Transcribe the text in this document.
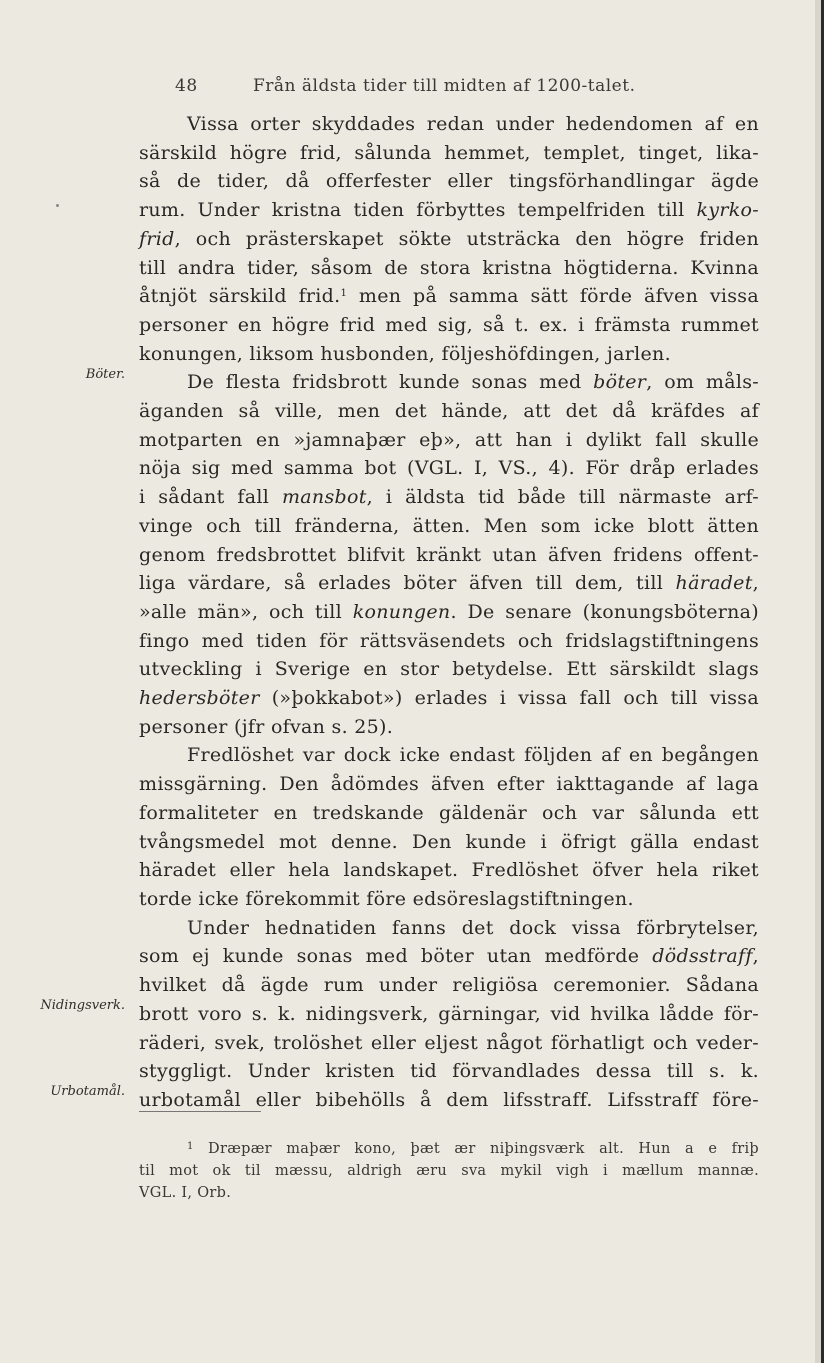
48	Från äldsta tider till midten af 1200-talet.
Böter.
Nidingsverk.
Urbotamål.
Vissa orter skyddades redan under hedendomen af en
särskild högre frid, sålunda hemmet, templet, tinget, lika-
så de tider, då offerfester eller tingsförhandlingar ägde
rum. Under kristna tiden förbyttes tempelfriden till kyrko-
frid, och prästerskapet sökte utsträcka den högre friden
till andra tider, såsom de stora kristna högtiderna. Kvinna
åtnjöt särskild frid.$^1$ men på samma sätt förde äfven vissa
personer en högre frid med sig, så t. ex. i främsta rummet
konungen, liksom husbonden, följeshöfdingen, jarlen.
De flesta fridsbrott kunde sonas med böter, om måls-
äganden så ville, men det hände, att det då kräfdes af
motparten en »jamnaþær eþ», att han i dylikt fall skulle
nöja sig med samma bot (VGL. I, VS., 4). För dråp erlades
i sådant fall mansbot, i äldsta tid både till närmaste arf-
vinge och till fränderna, ätten. Men som icke blott ätten
genom fredsbrottet blifvit kränkt utan äfven fridens offent-
liga värdare, så erlades böter äfven till dem, till häradet,
»alle män», och till konungen. De senare (konungsböterna)
fingo med tiden för rättsväsendets och fridslagstiftningens
utveckling i Sverige en stor betydelse. Ett särskildt slags
hedersböter (»þokkabot») erlades i vissa fall och till vissa
personer (jfr ofvan s. 25).
Fredlöshet var dock icke endast följden af en begången
missgärning. Den ådömdes äfven efter iakttagande af laga
formaliteter en tredskande gäldenär och var sålunda ett
tvångsmedel mot denne. Den kunde i öfrigt gälla endast
häradet eller hela landskapet. Fredlöshet öfver hela riket
torde icke förekommit före edsöreslagstiftningen.
Under hednatiden fanns det dock vissa förbrytelser,
som ej kunde sonas med böter utan medförde dödsstraff,
hvilket då ägde rum under religiösa ceremonier. Sådana
brott voro s. k. nidingsverk, gärningar, vid hvilka lådde för-
räderi, svek, trolöshet eller eljest något förhatligt och veder-
styggligt. Under kristen tid förvandlades dessa till s. k.
urbotamål eller bibehölls å dem lifsstraff. Lifsstraff före-
$^1$ Dræpær maþær kono, þæt ær niþingsværk alt. Hun a e friþ
til mot ok til mæssu, aldrigh æru sva mykil vigh i mællum mannæ.
VGL. I, Orb.
